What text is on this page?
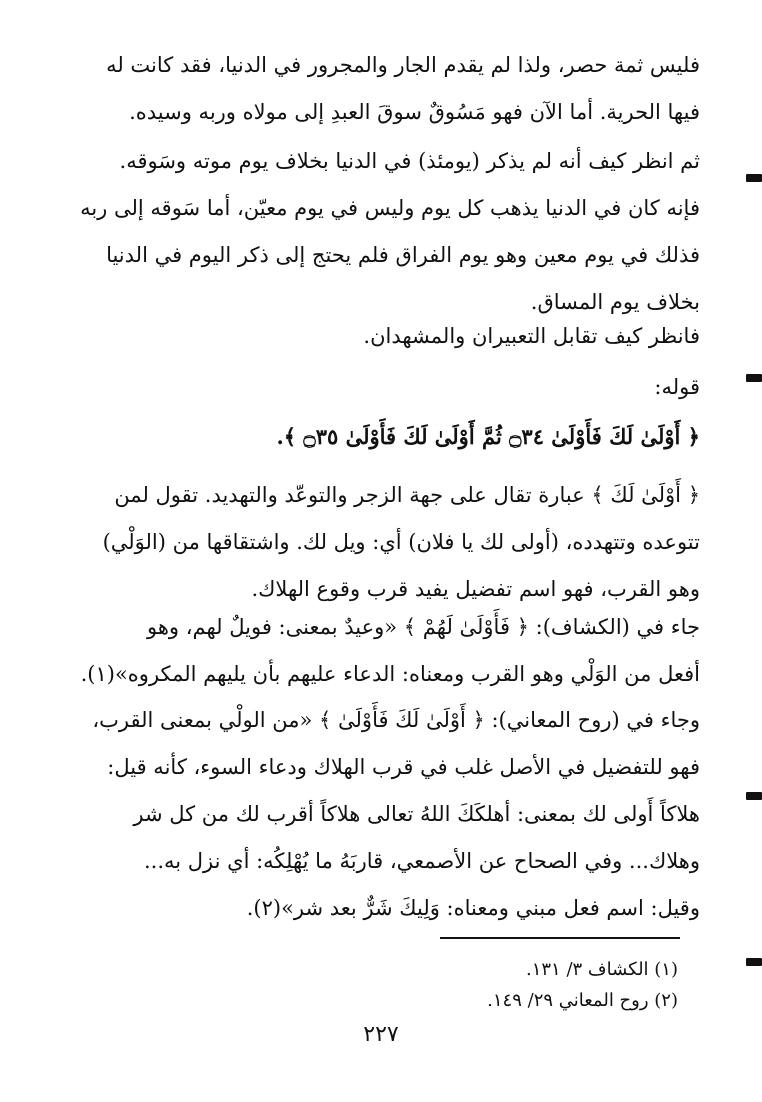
فليس ثمة حصر، ولذا لم يقدم الجار والمجرور في الدنيا، فقد كانت له
فيها الحرية. أما الآن فهو مَسُوقٌ سوقَ العبدِ إلى مولاه وربه وسيده.
ثم انظر كيف أنه لم يذكر (يومئذ) في الدنيا بخلاف يوم موته وسَوقه.
فإنه كان في الدنيا يذهب كل يوم وليس في يوم معيّن، أما سَوقه إلى ربه
فذلك في يوم معين وهو يوم الفراق فلم يحتج إلى ذكر اليوم في الدنيا
بخلاف يوم المساق.
فانظر كيف تقابل التعبيران والمشهدان.
قوله:
﴿ أَوْلَىٰ لَكَ فَأَوْلَىٰ ۝٣٤ ثُمَّ أَوْلَىٰ لَكَ فَأَوْلَىٰ ۝٣٥ ﴾.
﴿ أَوْلَىٰ لَكَ ﴾ عبارة تقال على جهة الزجر والتوعّد والتهديد. تقول لمن
تتوعده وتتهدده، (أولى لك يا فلان) أي: ويل لك. واشتقاقها من (الوَلْي)
وهو القرب، فهو اسم تفضيل يفيد قرب وقوع الهلاك.
جاء في (الكشاف): ﴿ فَأَوْلَىٰ لَهُمْ ﴾ «وعيدٌ بمعنى: فويلٌ لهم، وهو
أفعل من الوَلْي وهو القرب ومعناه: الدعاء عليهم بأن يليهم المكروه»(١).
وجاء في (روح المعاني): ﴿ أَوْلَىٰ لَكَ فَأَوْلَىٰ ﴾ «من الولْي بمعنى القرب،
فهو للتفضيل في الأصل غلب في قرب الهلاك ودعاء السوء، كأنه قيل:
هلاكاً أَولى لك بمعنى: أهلكَكَ اللهُ تعالى هلاكاً أقرب لك من كل شر
وهلاك... وفي الصحاح عن الأصمعي، قاربَهُ ما يُهْلِكُه: أي نزل به...
وقيل: اسم فعل مبني ومعناه: وَلِيكَ شَرٌّ بعد شر»(٢).
(١) الكشاف ٣/ ١٣١.
(٢) روح المعاني ٢٩/ ١٤٩.
٢٢٧
